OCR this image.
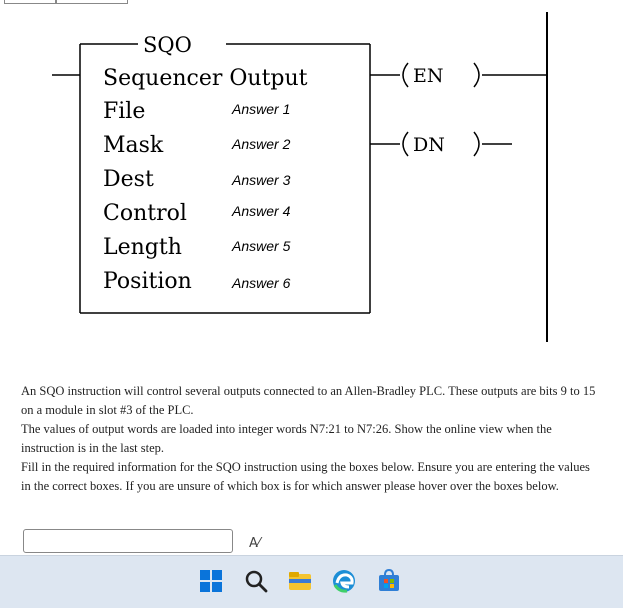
EN
DN
SQO
Sequencer Output
File	Answer 1
Mask	Answer 2
Dest	Answer 3
Control	Answer 4
Length	Answer 5
Position	Answer 6

An SQO instruction will control several outputs connected to an Allen-Bradley PLC. These outputs are bits 9 to 15 on a module in slot #3 of the PLC.

The values of output words are loaded into integer words N7:21 to N7:26. Show the online view when the instruction is in the last step.

Fill in the required information for the SQO instruction using the boxes below. Ensure you are entering the values in the correct boxes. If you are unsure of which box is for which answer please hover over the boxes below.

A⁄
